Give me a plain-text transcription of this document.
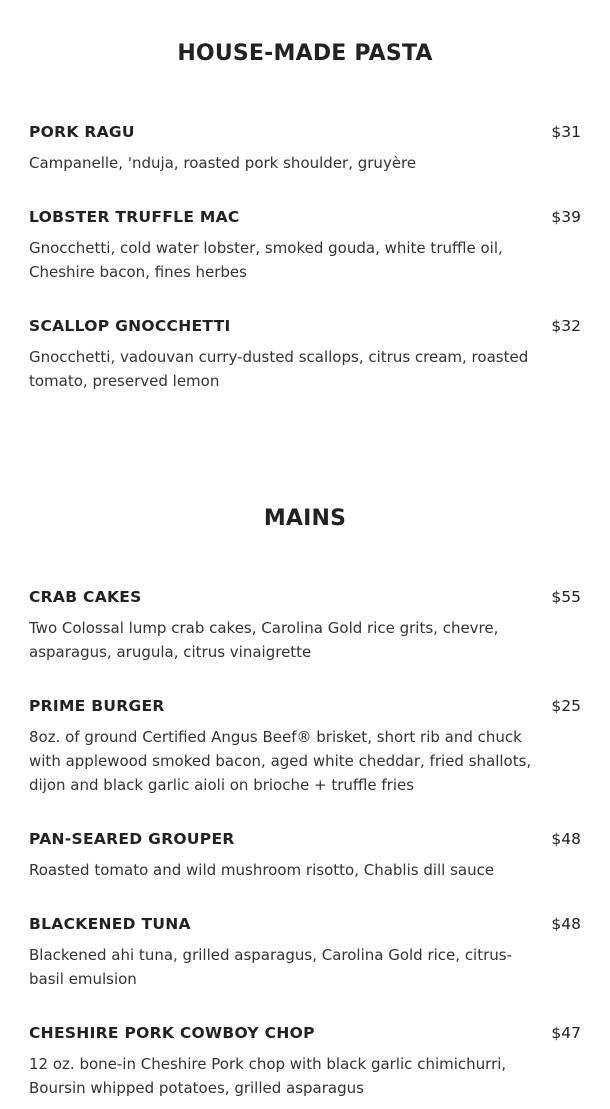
HOUSE-MADE PASTA
PORK RAGU	$31

Campanelle, 'nduja, roasted pork shoulder, gruyère

LOBSTER TRUFFLE MAC	$39

Gnocchetti, cold water lobster, smoked gouda, white truffle oil, Cheshire bacon, fines herbes

SCALLOP GNOCCHETTI	$32

Gnocchetti, vadouvan curry-dusted scallops, citrus cream, roasted tomato, preserved lemon

MAINS
CRAB CAKES	$55

Two Colossal lump crab cakes, Carolina Gold rice grits, chevre, asparagus, arugula, citrus vinaigrette

PRIME BURGER	$25

8oz. of ground Certified Angus Beef® brisket, short rib and chuck with applewood smoked bacon, aged white cheddar, fried shallots, dijon and black garlic aioli on brioche + truffle fries

PAN-SEARED GROUPER	$48

Roasted tomato and wild mushroom risotto, Chablis dill sauce

BLACKENED TUNA	$48

Blackened ahi tuna, grilled asparagus, Carolina Gold rice, citrus-basil emulsion

CHESHIRE PORK COWBOY CHOP	$47

12 oz. bone-in Cheshire Pork chop with black garlic chimichurri, Boursin whipped potatoes, grilled asparagus
